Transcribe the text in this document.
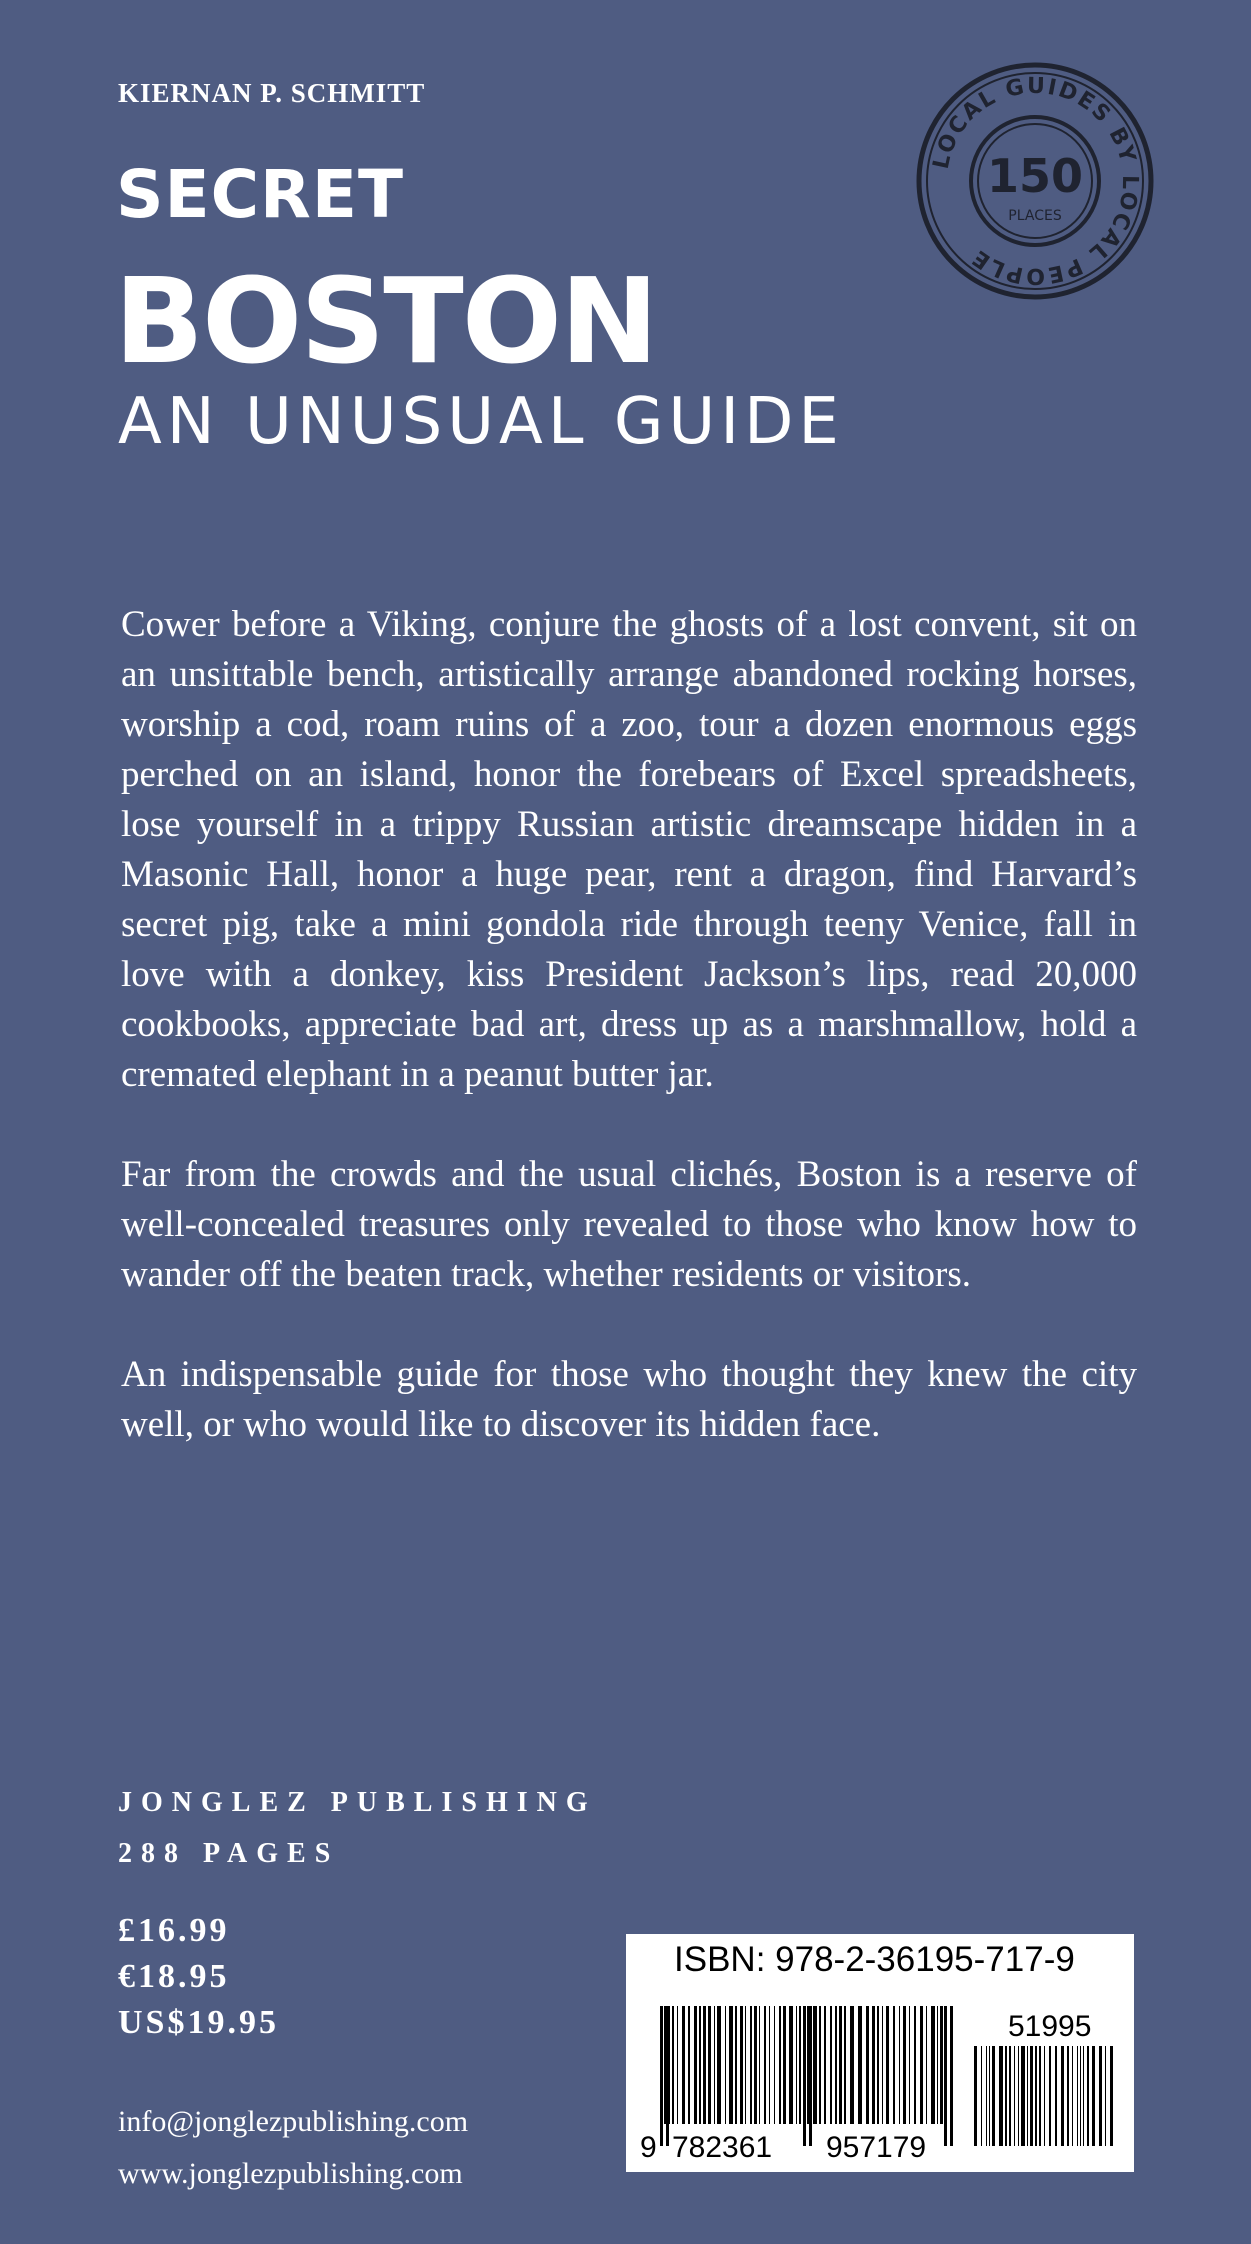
KIERNAN P. SCHMITT
SECRET
BOSTON
AN UNUSUAL GUIDE
LOCAL GUIDES BY LOCAL PEOPLE
150
PLACES

Cower before a Viking, conjure the ghosts of a lost convent, sit on an unsittable bench, artistically arrange abandoned rocking horses, worship a cod, roam ruins of a zoo, tour a dozen enormous eggs perched on an island, honor the forebears of Excel spreadsheets, lose yourself in a trippy Russian artistic dreamscape hidden in a Masonic Hall, honor a huge pear, rent a dragon, find Harvard’s secret pig, take a mini gondola ride through teeny Venice, fall in love with a donkey, kiss President Jackson’s lips, read 20,000 cookbooks, appreciate bad art, dress up as a marshmallow, hold a cremated elephant in a peanut butter jar.

Far from the crowds and the usual clichés, Boston is a reserve of well-concealed treasures only revealed to those who know how to wander off the beaten track, whether residents or visitors.

An indispensable guide for those who thought they knew the city well, or who would like to discover its hidden face.

JONGLEZ PUBLISHING
288 PAGES
£16.99
€18.95
US$19.95
info@jonglezpublishing.com
www.jonglezpublishing.com
ISBN: 978-2-36195-717-9
9 782361 957179
51995
